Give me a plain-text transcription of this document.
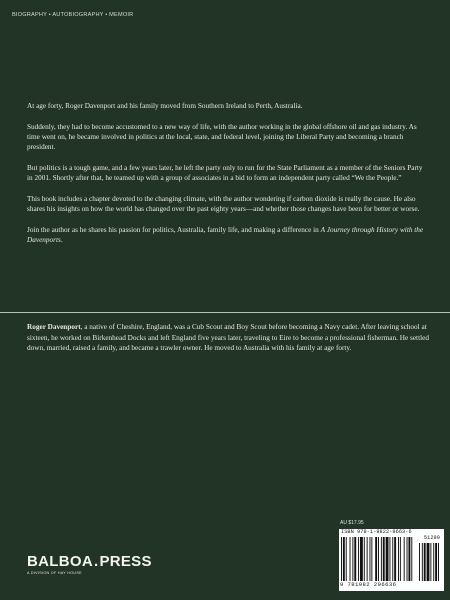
BIOGRAPHY • AUTOBIOGRAPHY • MEMOIR

At age forty, Roger Davenport and his family moved from Southern Ireland to Perth, Australia.

Suddenly, they had to become accustomed to a new way of life, with the author working in the global offshore oil and gas industry. As time went on, he became involved in politics at the local, state, and federal level, joining the Liberal Party and becoming a branch president.

But politics is a tough game, and a few years later, he left the party only to run for the State Parliament as a member of the Seniors Party in 2001. Shortly after that, he teamed up with a group of associates in a bid to form an independent party called “We the People.”

This book includes a chapter devoted to the changing climate, with the author wondering if carbon dioxide is really the cause. He also shares his insights on how the world has changed over the past eighty years—and whether those changes have been for better or worse.

Join the author as he shares his passion for politics, Australia, family life, and making a difference in A Journey through History with the Davenports.

Roger Davenport, a native of Cheshire, England, was a Cub Scout and Boy Scout before becoming a Navy cadet. After leaving school at sixteen, he worked on Birkenhead Docks and left England five years later, traveling to Eire to become a professional fisherman. He settled down, married, raised a family, and became a trawler owner. He moved to Australia with his family at age forty.

AU $17.95
ISBN 978-1-9822-9663-6
51299
9 781982 296636
BALBOA.PRESS
A DIVISION OF HAY HOUSE
